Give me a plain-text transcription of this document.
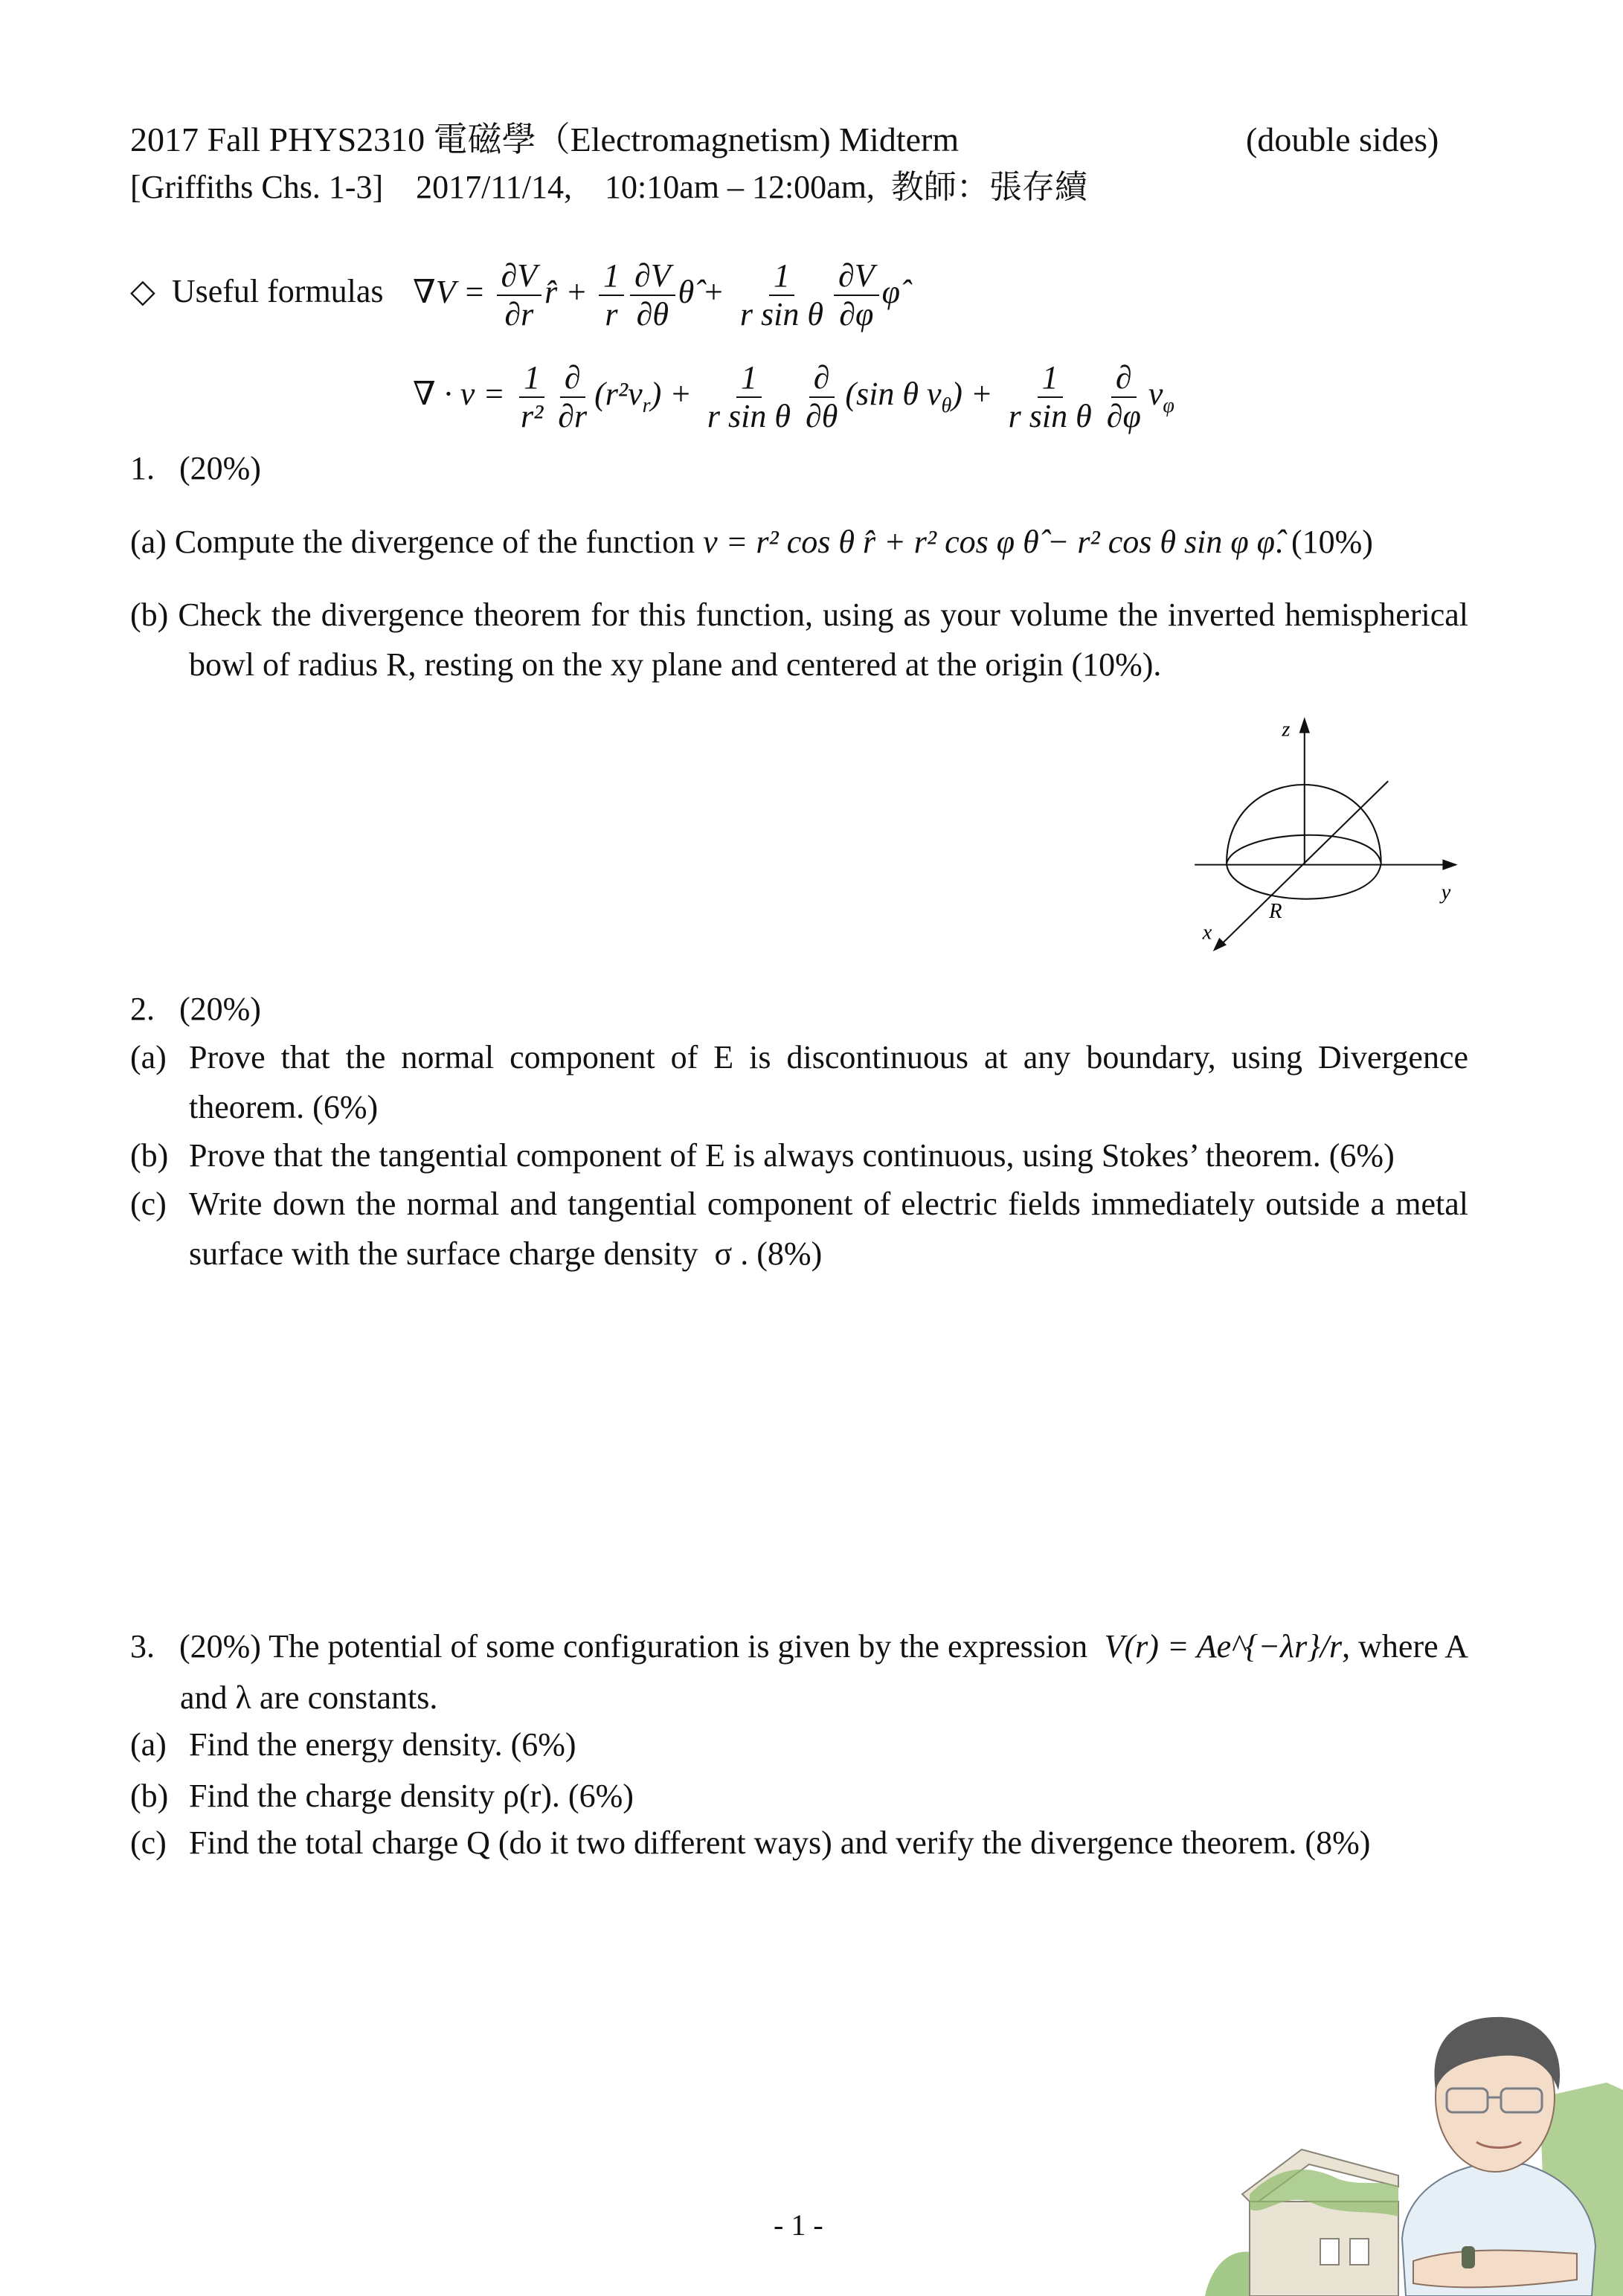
2017 Fall PHYS2310 電磁學（Electromagnetism) Midterm	(double sides)
[Griffiths Chs. 1-3]    2017/11/14,    10:10am – 12:00am,  教師：張存續
◇  Useful formulas $\nabla V = \frac{\partial V}{\partial r}$ r̂ + $\frac{1}{r} \frac{\partial V}{\partial\theta}$ θ̂ + $\frac{1}{\text{r sin θ}} \frac{\partial V}{\partial\varphi}$ φ̂
∇ · $v = \frac{1}{\text{r²}} \frac{\partial}{\partial r} (r^2v_r) + \frac{1}{\text{r sin θ}} \frac{\partial}{\partial\theta} (\sin$ θ $v_\theta) + \frac{1}{\text{r sin θ}} \frac{\partial}{\partial\varphi} v_\varphi$
1.   (20%)
(a) Compute the divergence of the function v = r² cos θ r̂ + r² cos φ θ̂ − r² cos θ sin φ φ̂. (10%)
(b) Check the divergence theorem for this function, using as your volume the inverted hemispherical
bowl of radius R, resting on the xy plane and centered at the origin (10%).
z
y
x
R
2.   (20%)
(a) Prove that the normal component of E is discontinuous at any boundary, using Divergence
theorem. (6%)
(b) Prove that the tangential component of E is always continuous, using Stokes’ theorem. (6%)
(c) Write down the normal and tangential component of electric fields immediately outside a metal
surface with the surface charge density  σ . (8%)
3.   (20%) The potential of some configuration is given by the expression V(r) = Ae^{−λr}/r, where A
and λ are constants.
(a) Find the energy density. (6%)
(b) Find the charge density ρ(r). (6%)
(c) Find the total charge Q (do it two different ways) and verify the divergence theorem. (8%)
- 1 -
